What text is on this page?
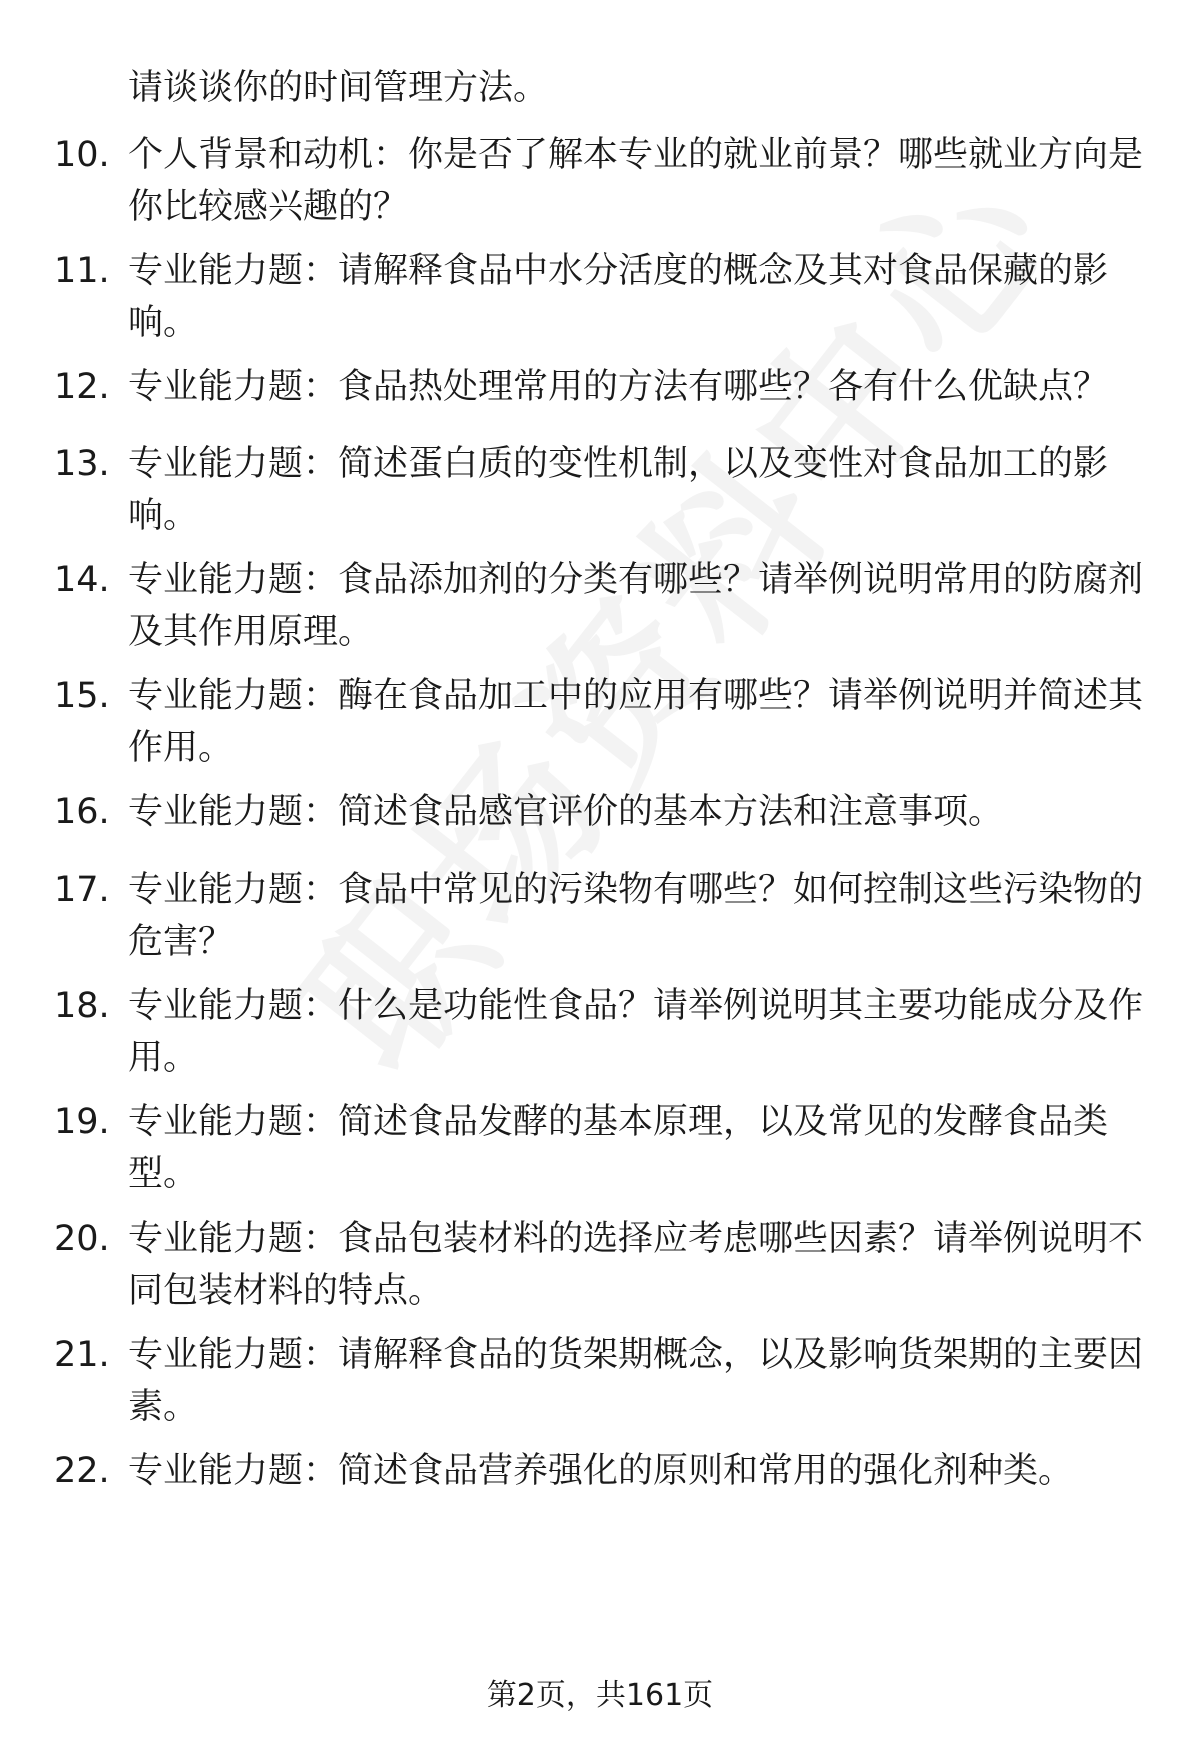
请谈谈你的时间管理方法。
10. 个人背景和动机：你是否了解本专业的就业前景？哪些就业方向是你比较感兴趣的？
11. 专业能力题：请解释食品中水分活度的概念及其对食品保藏的影响。
12. 专业能力题：食品热处理常用的方法有哪些？各有什么优缺点？
13. 专业能力题：简述蛋白质的变性机制，以及变性对食品加工的影响。
14. 专业能力题：食品添加剂的分类有哪些？请举例说明常用的防腐剂及其作用原理。
15. 专业能力题：酶在食品加工中的应用有哪些？请举例说明并简述其作用。
16. 专业能力题：简述食品感官评价的基本方法和注意事项。
17. 专业能力题：食品中常见的污染物有哪些？如何控制这些污染物的危害？
18. 专业能力题：什么是功能性食品？请举例说明其主要功能成分及作用。
19. 专业能力题：简述食品发酵的基本原理，以及常见的发酵食品类型。
20. 专业能力题：食品包装材料的选择应考虑哪些因素？请举例说明不同包装材料的特点。
21. 专业能力题：请解释食品的货架期概念，以及影响货架期的主要因素。
22. 专业能力题：简述食品营养强化的原则和常用的强化剂种类。
第2页，共161页
